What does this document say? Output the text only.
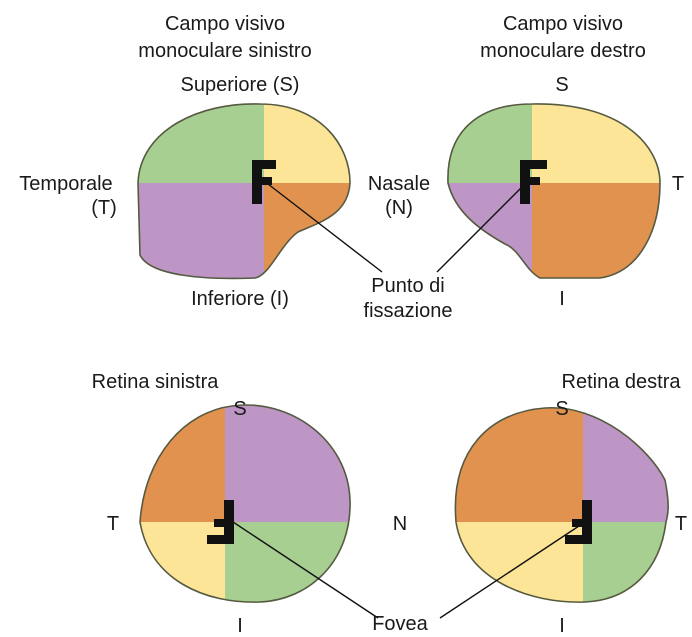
Campo visivo
monoculare sinistro
Superiore (S)
Temporale
(T)
Inferiore (I)
Campo visivo
monoculare destro
S
Nasale
(N)
T
I
Punto di
fissazione
Retina sinistra
S
T
I
Retina destra
S
T
I
N
Fovea
